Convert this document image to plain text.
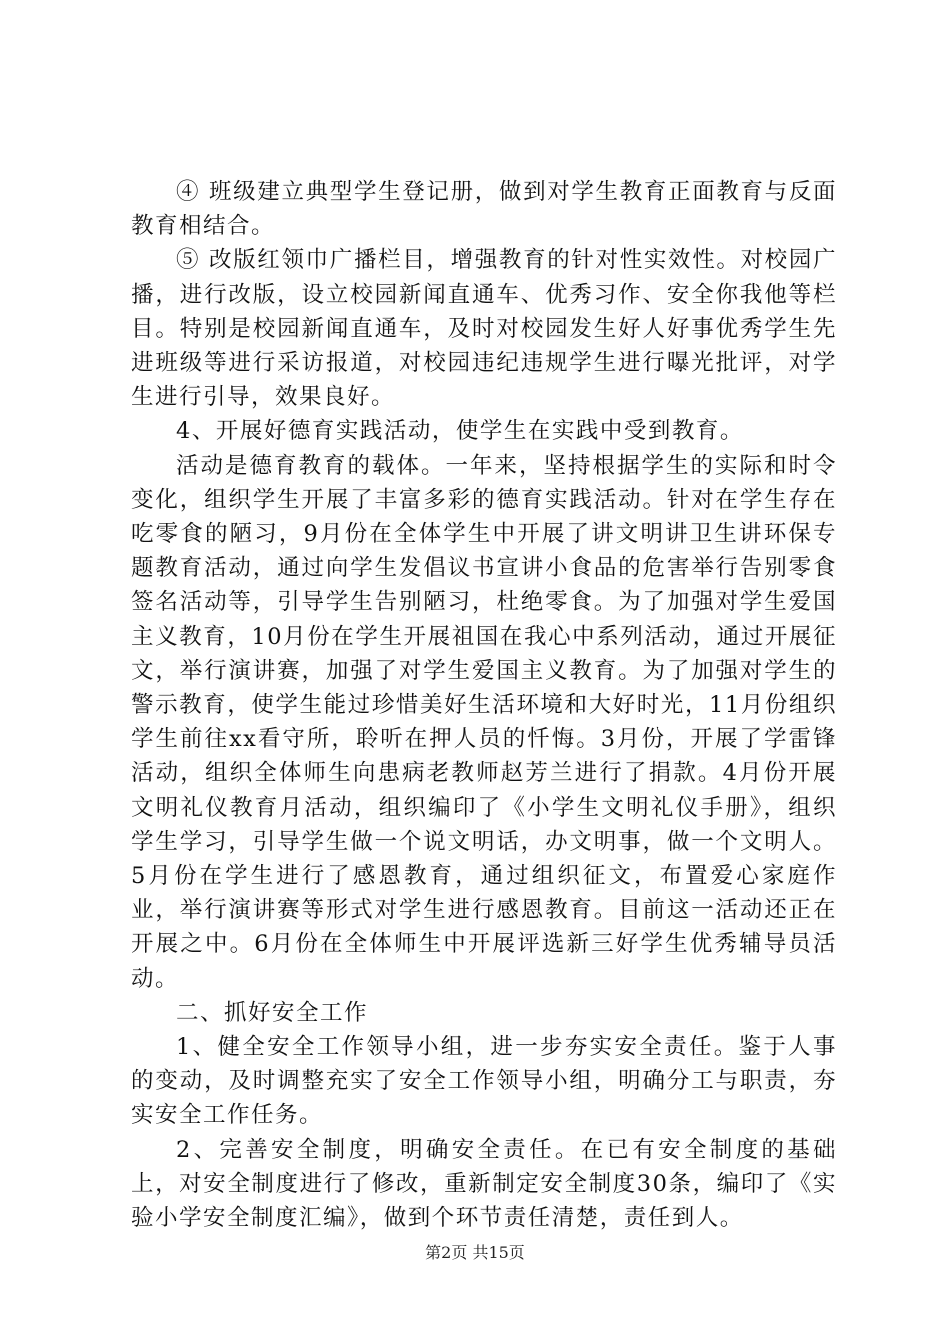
④ 班级建立典型学生登记册，做到对学生教育正面教育与反面教育相结合。

⑤ 改版红领巾广播栏目，增强教育的针对性实效性。对校园广播，进行改版，设立校园新闻直通车、优秀习作、安全你我他等栏目。特别是校园新闻直通车，及时对校园发生好人好事优秀学生先进班级等进行采访报道，对校园违纪违规学生进行曝光批评，对学生进行引导，效果良好。

4、开展好德育实践活动，使学生在实践中受到教育。

活动是德育教育的载体。一年来，坚持根据学生的实际和时令变化，组织学生开展了丰富多彩的德育实践活动。针对在学生存在吃零食的陋习，9月份在全体学生中开展了讲文明讲卫生讲环保专题教育活动，通过向学生发倡议书宣讲小食品的危害举行告别零食签名活动等，引导学生告别陋习，杜绝零食。为了加强对学生爱国主义教育，10月份在学生开展祖国在我心中系列活动，通过开展征文，举行演讲赛，加强了对学生爱国主义教育。为了加强对学生的警示教育，使学生能过珍惜美好生活环境和大好时光，11月份组织学生前往xx看守所，聆听在押人员的忏悔。3月份，开展了学雷锋活动，组织全体师生向患病老教师赵芳兰进行了捐款。4月份开展文明礼仪教育月活动，组织编印了《小学生文明礼仪手册》，组织学生学习，引导学生做一个说文明话，办文明事，做一个文明人。5月份在学生进行了感恩教育，通过组织征文，布置爱心家庭作业，举行演讲赛等形式对学生进行感恩教育。目前这一活动还正在开展之中。6月份在全体师生中开展评选新三好学生优秀辅导员活动。

二、抓好安全工作

1、健全安全工作领导小组，进一步夯实安全责任。鉴于人事的变动，及时调整充实了安全工作领导小组，明确分工与职责，夯实安全工作任务。

2、完善安全制度，明确安全责任。在已有安全制度的基础上，对安全制度进行了修改，重新制定安全制度30条，编印了《实验小学安全制度汇编》，做到个环节责任清楚，责任到人。

第2页 共15页
